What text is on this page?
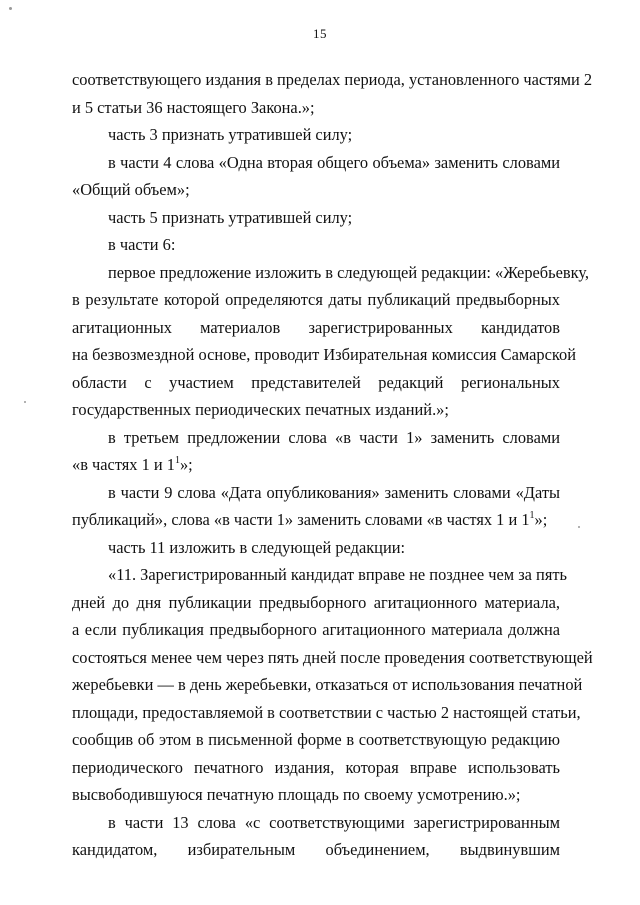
15
соответствующего издания в пределах периода, установленного частями 2
и 5 статьи 36 настоящего Закона.»;
часть 3 признать утратившей силу;
в части 4 слова «Одна вторая общего объема» заменить словами
«Общий объем»;
часть 5 признать утратившей силу;
в части 6:
первое предложение изложить в следующей редакции: «Жеребьевку,
в результате которой определяются даты публикаций предвыборных
агитационных материалов зарегистрированных кандидатов
на безвозмездной основе, проводит Избирательная комиссия Самарской
области с участием представителей редакций региональных
государственных периодических печатных изданий.»;
в третьем предложении слова «в части 1» заменить словами
«в частях 1 и $1^1$»;
в части 9 слова «Дата опубликования» заменить словами «Даты
публикаций», слова «в части 1» заменить словами «в частях 1 и $1^1$»;
часть 11 изложить в следующей редакции:
«11. Зарегистрированный кандидат вправе не позднее чем за пять
дней до дня публикации предвыборного агитационного материала,
а если публикация предвыборного агитационного материала должна
состояться менее чем через пять дней после проведения соответствующей
жеребьевки — в день жеребьевки, отказаться от использования печатной
площади, предоставляемой в соответствии с частью 2 настоящей статьи,
сообщив об этом в письменной форме в соответствующую редакцию
периодического печатного издания, которая вправе использовать
высвободившуюся печатную площадь по своему усмотрению.»;
в части 13 слова «с соответствующими зарегистрированным
кандидатом, избирательным объединением, выдвинувшим
